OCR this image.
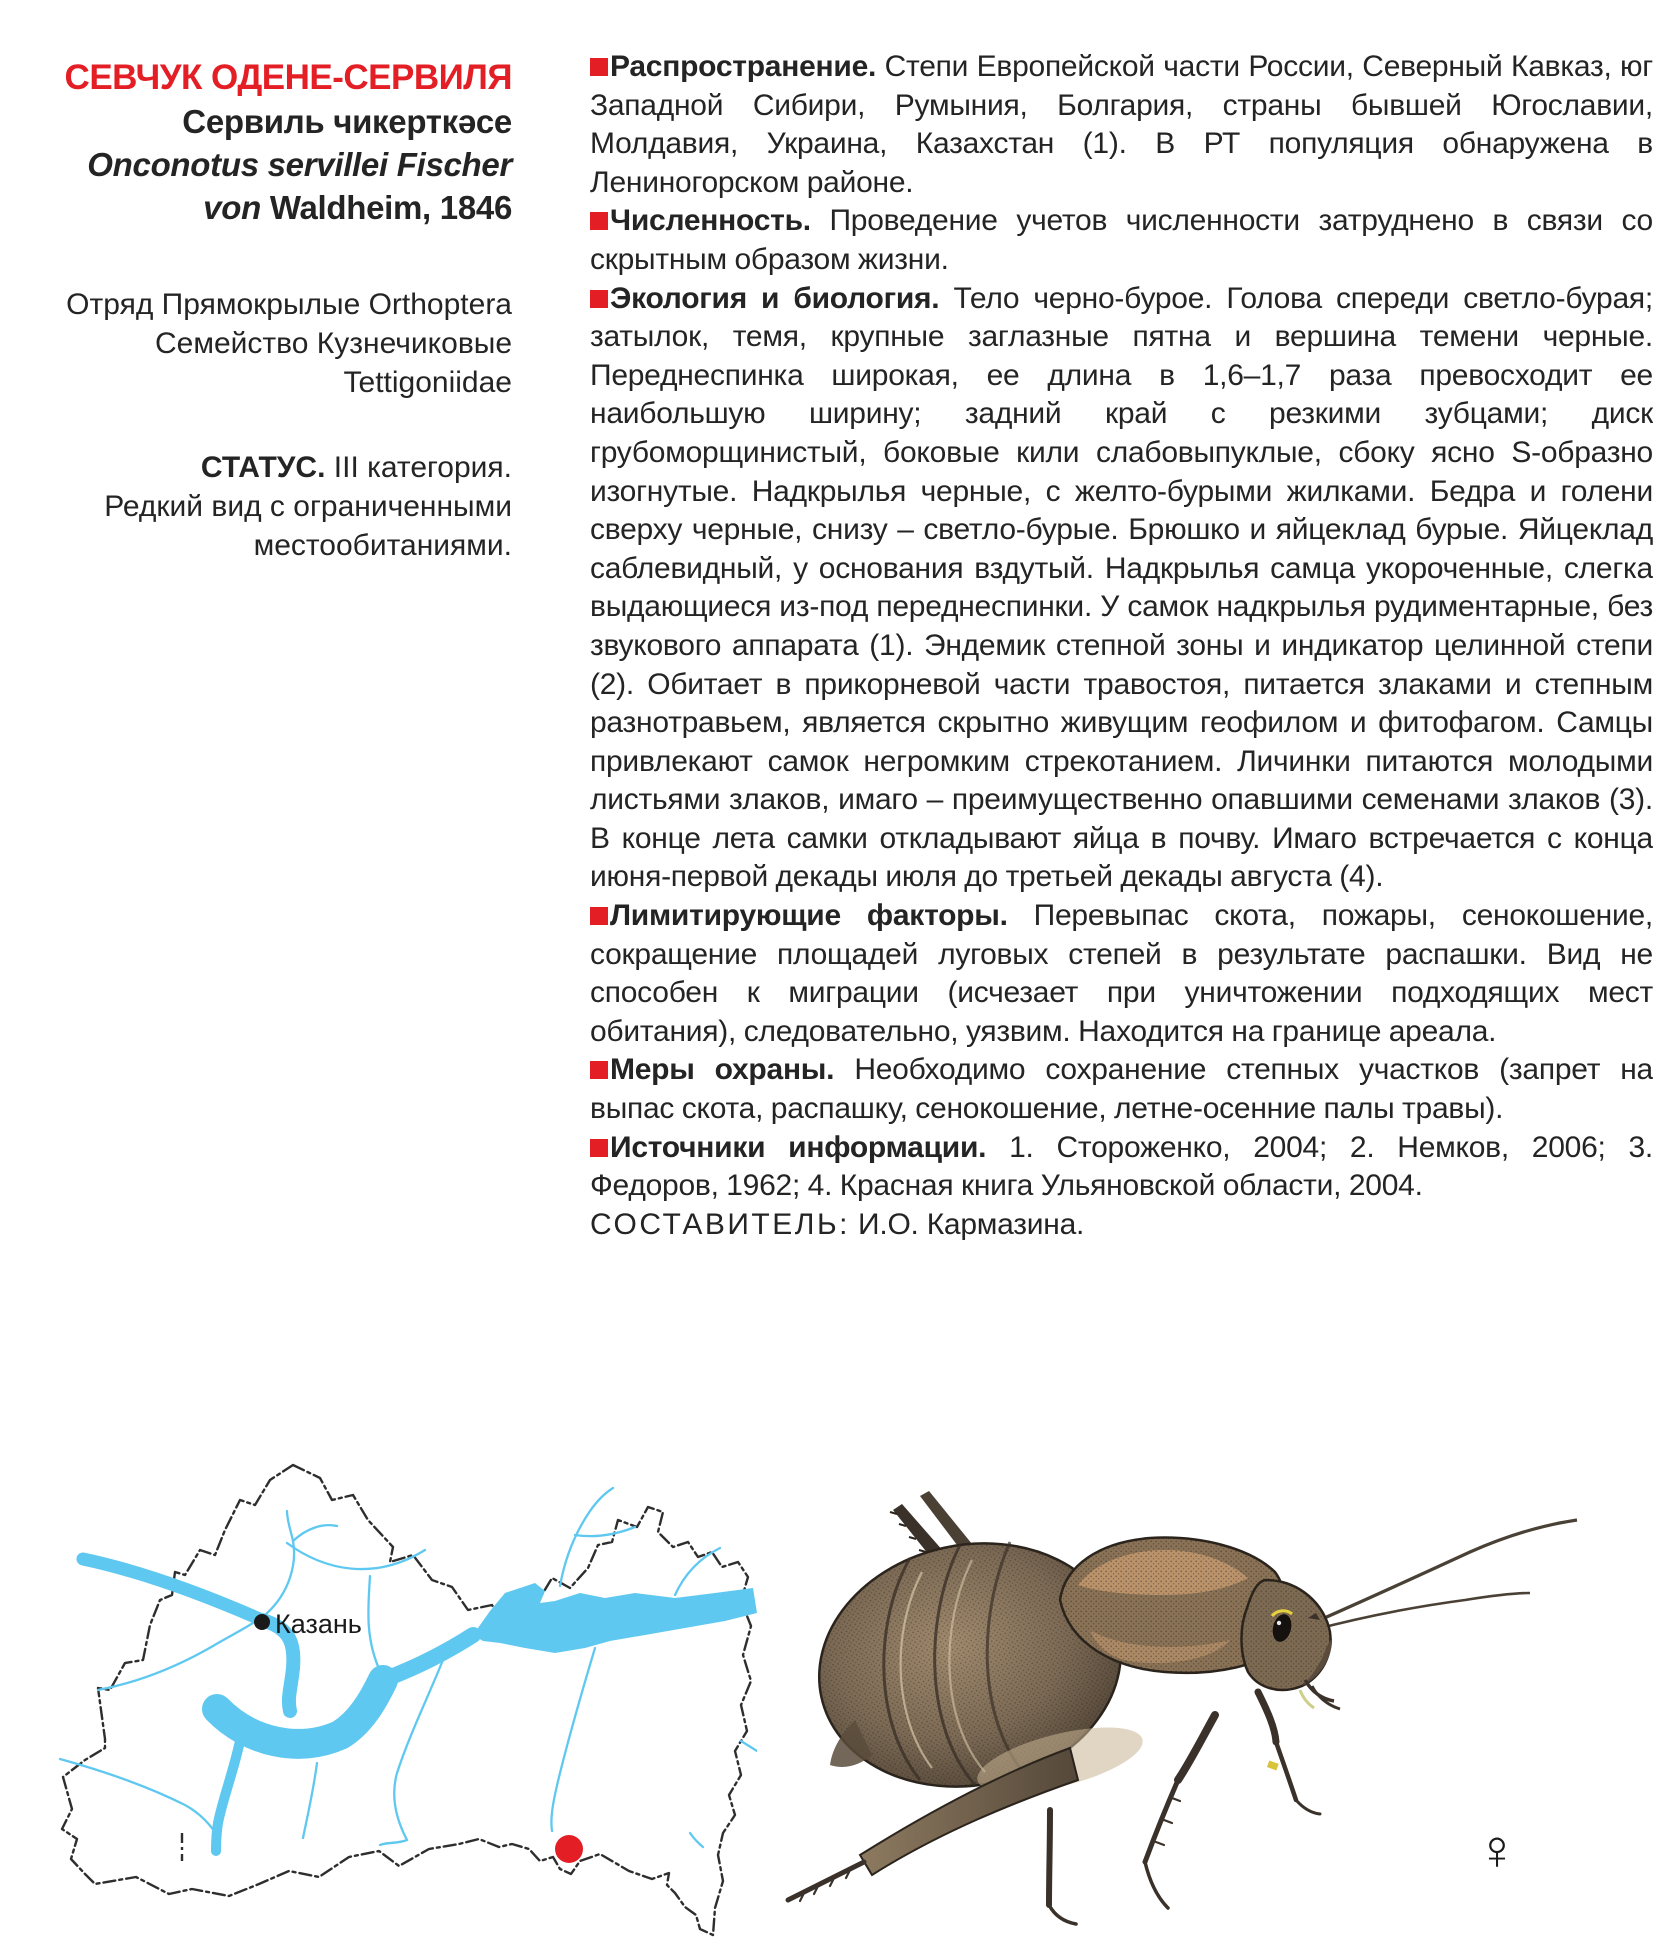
СЕВЧУК ОДЕНЕ-СЕРВИЛЯ
Сервиль чикерткәсе
Onconotus servillei Fischer
von Waldheim, 1846
Отряд Прямокрылые Orthoptera
Семейство Кузнечиковые
Tettigoniidae
СТАТУС. III категория.
Редкий вид с ограниченными
местообитаниями.

Распространение. Степи Европейской части России, Северный Кавказ, юг Западной Сибири, Румыния, Болгария, страны бывшей Югославии, Молдавия, Украина, Казахстан (1). В РТ популяция обнаружена в Лениногорском районе.

Численность. Проведение учетов численности затруднено в связи со скрытным образом жизни.

Экология и биология. Тело черно-бурое. Голова спереди светло-бурая; затылок, темя, крупные заглазные пятна и вершина темени черные. Переднеспинка широкая, ее длина в 1,6–1,7 раза превосходит ее наибольшую ширину; задний край с резкими зубцами; диск грубоморщинистый, боковые кили слабовыпуклые, сбоку ясно S-образно изогнутые. Надкрылья черные, с желто-бурыми жилками. Бедра и голени сверху черные, снизу – светло-бурые. Брюшко и яйцеклад бурые. Яйцеклад саблевидный, у основания вздутый. Надкрылья самца укороченные, слегка выдающиеся из-под переднеспинки. У самок надкрылья рудиментарные, без звукового аппарата (1). Эндемик степной зоны и индикатор целинной степи (2). Обитает в прикорневой части травостоя, питается злаками и степным разнотравьем, является скрытно живущим геофилом и фитофагом. Самцы привлекают самок негромким стрекотанием. Личинки питаются молодыми листьями злаков, имаго – преимущественно опавшими семенами злаков (3). В конце лета самки откладывают яйца в почву. Имаго встречается с конца июня-первой декады июля до третьей декады августа (4).

Лимитирующие факторы. Перевыпас скота, пожары, сенокошение, сокращение площадей луговых степей в результате распашки. Вид не способен к миграции (исчезает при уничтожении подходящих мест обитания), следовательно, уязвим. Находится на границе ареала.

Меры охраны. Необходимо сохранение степных участков (запрет на выпас скота, распашку, сенокошение, летне-осенние палы травы).

Источники информации. 1. Стороженко, 2004; 2. Немков, 2006; 3. Федоров, 1962; 4. Красная книга Ульяновской области, 2004.

СОСТАВИТЕЛЬ: И.О. Кармазина.

Казань
♀
